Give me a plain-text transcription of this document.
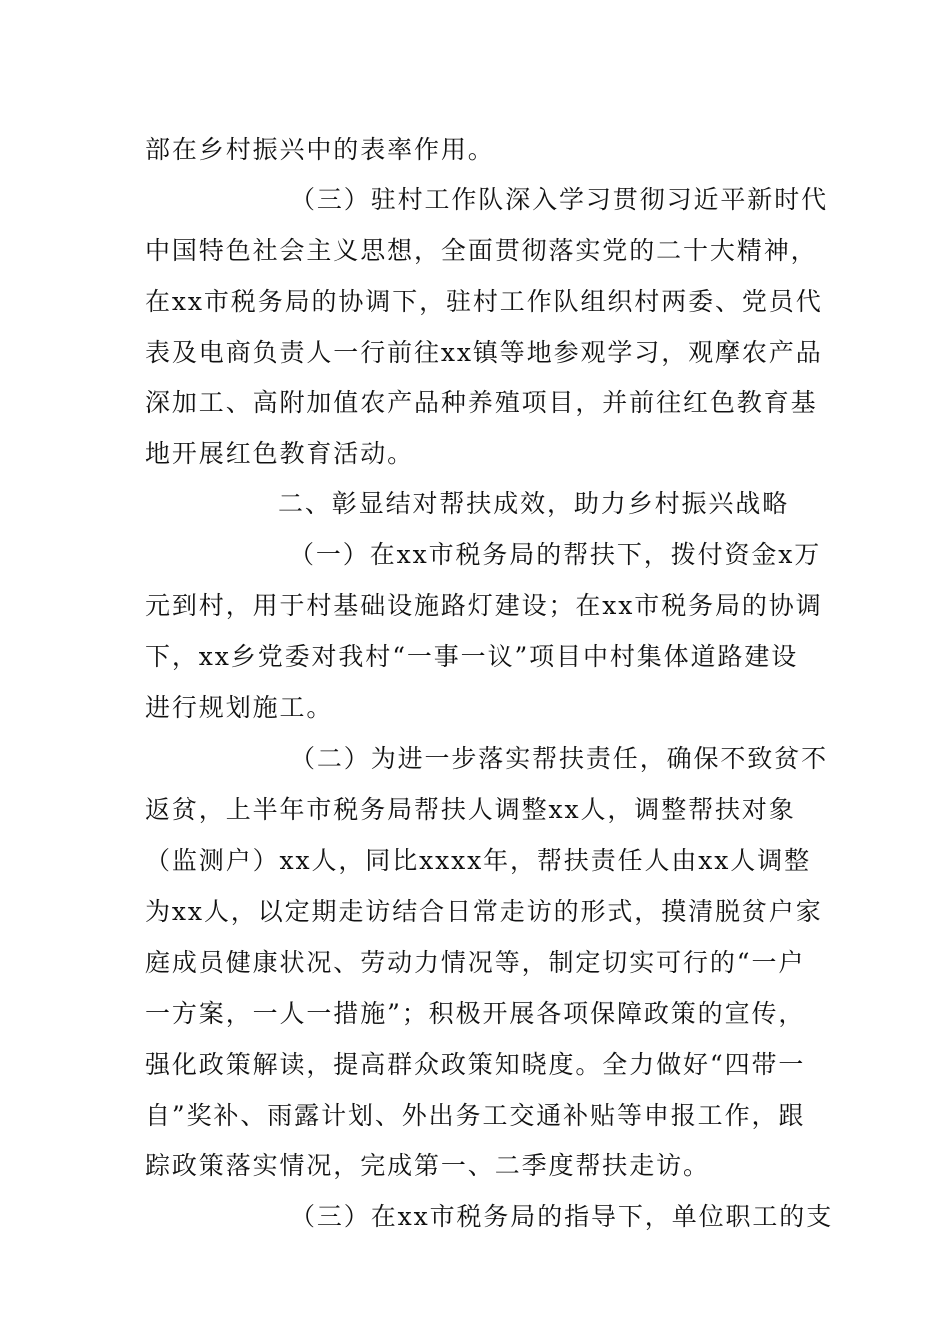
部在乡村振兴中的表率作用。
（三）驻村工作队深入学习贯彻习近平新时代
中国特色社会主义思想，全面贯彻落实党的二十大精神，
在xx市税务局的协调下，驻村工作队组织村两委、党员代
表及电商负责人一行前往xx镇等地参观学习，观摩农产品
深加工、高附加值农产品种养殖项目，并前往红色教育基
地开展红色教育活动。
二、彰显结对帮扶成效，助力乡村振兴战略
（一）在xx市税务局的帮扶下，拨付资金x万
元到村，用于村基础设施路灯建设；在xx市税务局的协调
下，xx乡党委对我村“一事一议”项目中村集体道路建设
进行规划施工。
（二）为进一步落实帮扶责任，确保不致贫不
返贫，上半年市税务局帮扶人调整xx人，调整帮扶对象
（监测户）xx人，同比xxxx年，帮扶责任人由xx人调整
为xx人，以定期走访结合日常走访的形式，摸清脱贫户家
庭成员健康状况、劳动力情况等，制定切实可行的“一户
一方案，一人一措施”；积极开展各项保障政策的宣传，
强化政策解读，提高群众政策知晓度。全力做好“四带一
自”奖补、雨露计划、外出务工交通补贴等申报工作，跟
踪政策落实情况，完成第一、二季度帮扶走访。
（三）在xx市税务局的指导下，单位职工的支
